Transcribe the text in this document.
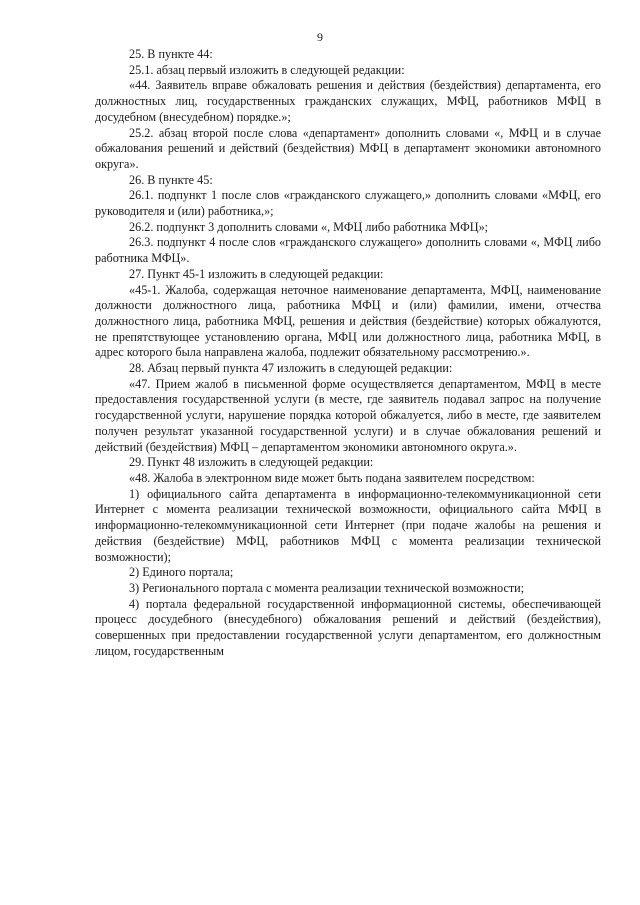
9

25. В пункте 44:

25.1. абзац первый изложить в следующей редакции:

«44. Заявитель вправе обжаловать решения и действия (бездействия) департамента, его должностных лиц, государственных гражданских служащих, МФЦ, работников МФЦ в досудебном (внесудебном) порядке.»;

25.2. абзац второй после слова «департамент» дополнить словами «, МФЦ и в случае обжалования решений и действий (бездействия) МФЦ в департамент экономики автономного округа».

26. В пункте 45:

26.1. подпункт 1 после слов «гражданского служащего,» дополнить словами «МФЦ, его руководителя и (или) работника,»;

26.2. подпункт 3 дополнить словами «, МФЦ либо работника МФЦ»;

26.3. подпункт 4 после слов «гражданского служащего» дополнить словами «, МФЦ либо работника МФЦ».

27. Пункт 45-1 изложить в следующей редакции:

«45-1. Жалоба, содержащая неточное наименование департамента, МФЦ, наименование должности должностного лица, работника МФЦ и (или) фамилии, имени, отчества должностного лица, работника МФЦ, решения и действия (бездействие) которых обжалуются, не препятствующее установлению органа, МФЦ или должностного лица, работника МФЦ, в адрес которого была направлена жалоба, подлежит обязательному рассмотрению.».

28. Абзац первый пункта 47 изложить в следующей редакции:

«47. Прием жалоб в письменной форме осуществляется департаментом, МФЦ в месте предоставления государственной услуги (в месте, где заявитель подавал запрос на получение государственной услуги, нарушение порядка которой обжалуется, либо в месте, где заявителем получен результат указанной государственной услуги) и в случае обжалования решений и действий (бездействия) МФЦ – департаментом экономики автономного округа.».

29. Пункт 48 изложить в следующей редакции:

«48. Жалоба в электронном виде может быть подана заявителем посредством:

1) официального сайта департамента в информационно-телекоммуникационной сети Интернет с момента реализации технической возможности, официального сайта МФЦ в информационно-телекоммуникационной сети Интернет (при подаче жалобы на решения и действия (бездействие) МФЦ, работников МФЦ с момента реализации технической возможности);

2) Единого портала;

3) Регионального портала с момента реализации технической возможности;

4) портала федеральной государственной информационной системы, обеспечивающей процесс досудебного (внесудебного) обжалования решений и действий (бездействия), совершенных при предоставлении государственной услуги департаментом, его должностным лицом, государственным
